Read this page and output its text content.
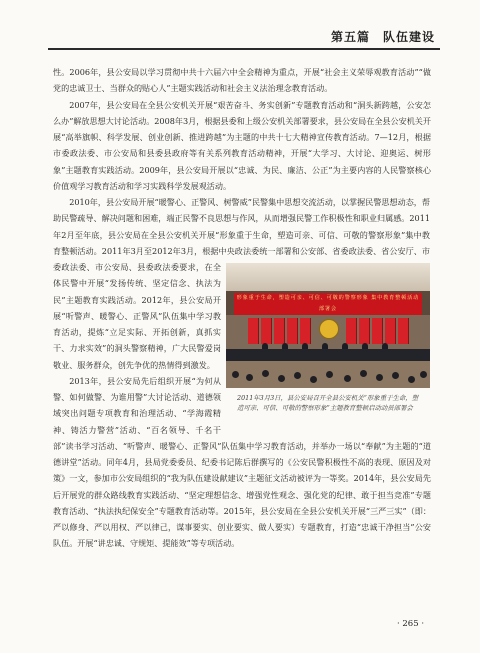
第五篇　队伍建设
形象重于生命，塑造可亲、可信、可敬的警察形象 集中教育整顿活动部署会
2011年3月3日，县公安局召开全县公安机关“形象重于生命，塑造可亲、可信、可敬的警察形象”主题教育整顿启动动员部署会

性。2006年，县公安局以学习贯彻中共十六届六中全会精神为重点，开展“社会主义荣辱观教育活动”“做党的忠诚卫士、当群众的贴心人”主题实践活动和社会主义法治理念教育活动。

2007年，县公安局在全县公安机关开展“艰苦奋斗、务实创新”专题教育活动和“洞头新跨越，公安怎么办”解放思想大讨论活动。2008年3月，根据县委和上级公安机关部署要求，县公安局在全县公安机关开展“高举旗帜、科学发展、创业创新、推进跨越”为主题的中共十七大精神宣传教育活动。7—12月，根据市委政法委、市公安局和县委县政府等有关系列教育活动精神，开展“大学习、大讨论、迎奥运、树形象”主题教育实践活动。2009年，县公安局开展以“忠诚、为民、廉洁、公正”为主要内容的人民警察核心价值观学习教育活动和学习实践科学发展观活动。

2010年，县公安局开展“暖警心、正警风、树警威”民警集中思想交流活动，以掌握民警思想动态，帮助民警疏导、解决问题和困难，端正民警不良思想与作风，从而增强民警工作积极性和职业归属感。2011年2月至年底，县公安局在全县公安机关开展“形象重于生命，塑造可亲、可信、可敬的警察形象”集中教育整顿活动。2011年3月至2012年3月，根据中央政法委统一部署和公安部、省委政法委、省公安厅、市委政法委、市公安局、县委政法委要求，在全体民警中开展“发扬传统、坚定信念、执法为民”主题教育实践活动。2012年，县公安局开展“听警声、暖警心、正警风”队伍集中学习教育活动，提炼“立足实际、开拓创新，真抓实干、力求实效”的洞头警察精神，广大民警爱岗敬业、服务群众，创先争优的热情得到激发。

2013年，县公安局先后组织开展“为何从警、如何做警、为谁用警”大讨论活动、道德领域突出问题专项教育和治理活动、“学海霞精神、铸活力警营”活动、“百名领导、千名干部”读书学习活动、“听警声、暖警心、正警风”队伍集中学习教育活动，并举办一场以“奉献”为主题的“道德讲堂”活动。同年4月，县局党委委员、纪委书记陈后群撰写的《公安民警积极性不高的表现、原因及对策》一文，参加市公安局组织的“我为队伍建设献建议”主题征文活动被评为一等奖。2014年，县公安局先后开展党的群众路线教育实践活动、“坚定理想信念、增强党性观念、强化党的纪律、敢于担当竞准”专题教育活动、“执法执纪保安全”专题教育活动等。2015年，县公安局在全县公安机关开展“三严三实”（即：严以修身、严以用权、严以律己，谋事要实、创业要实、做人要实）专题教育，打造“忠诚干净担当”公安队伍。开展“讲忠诚、守规矩、提能效”等专项活动。

· 265 ·
